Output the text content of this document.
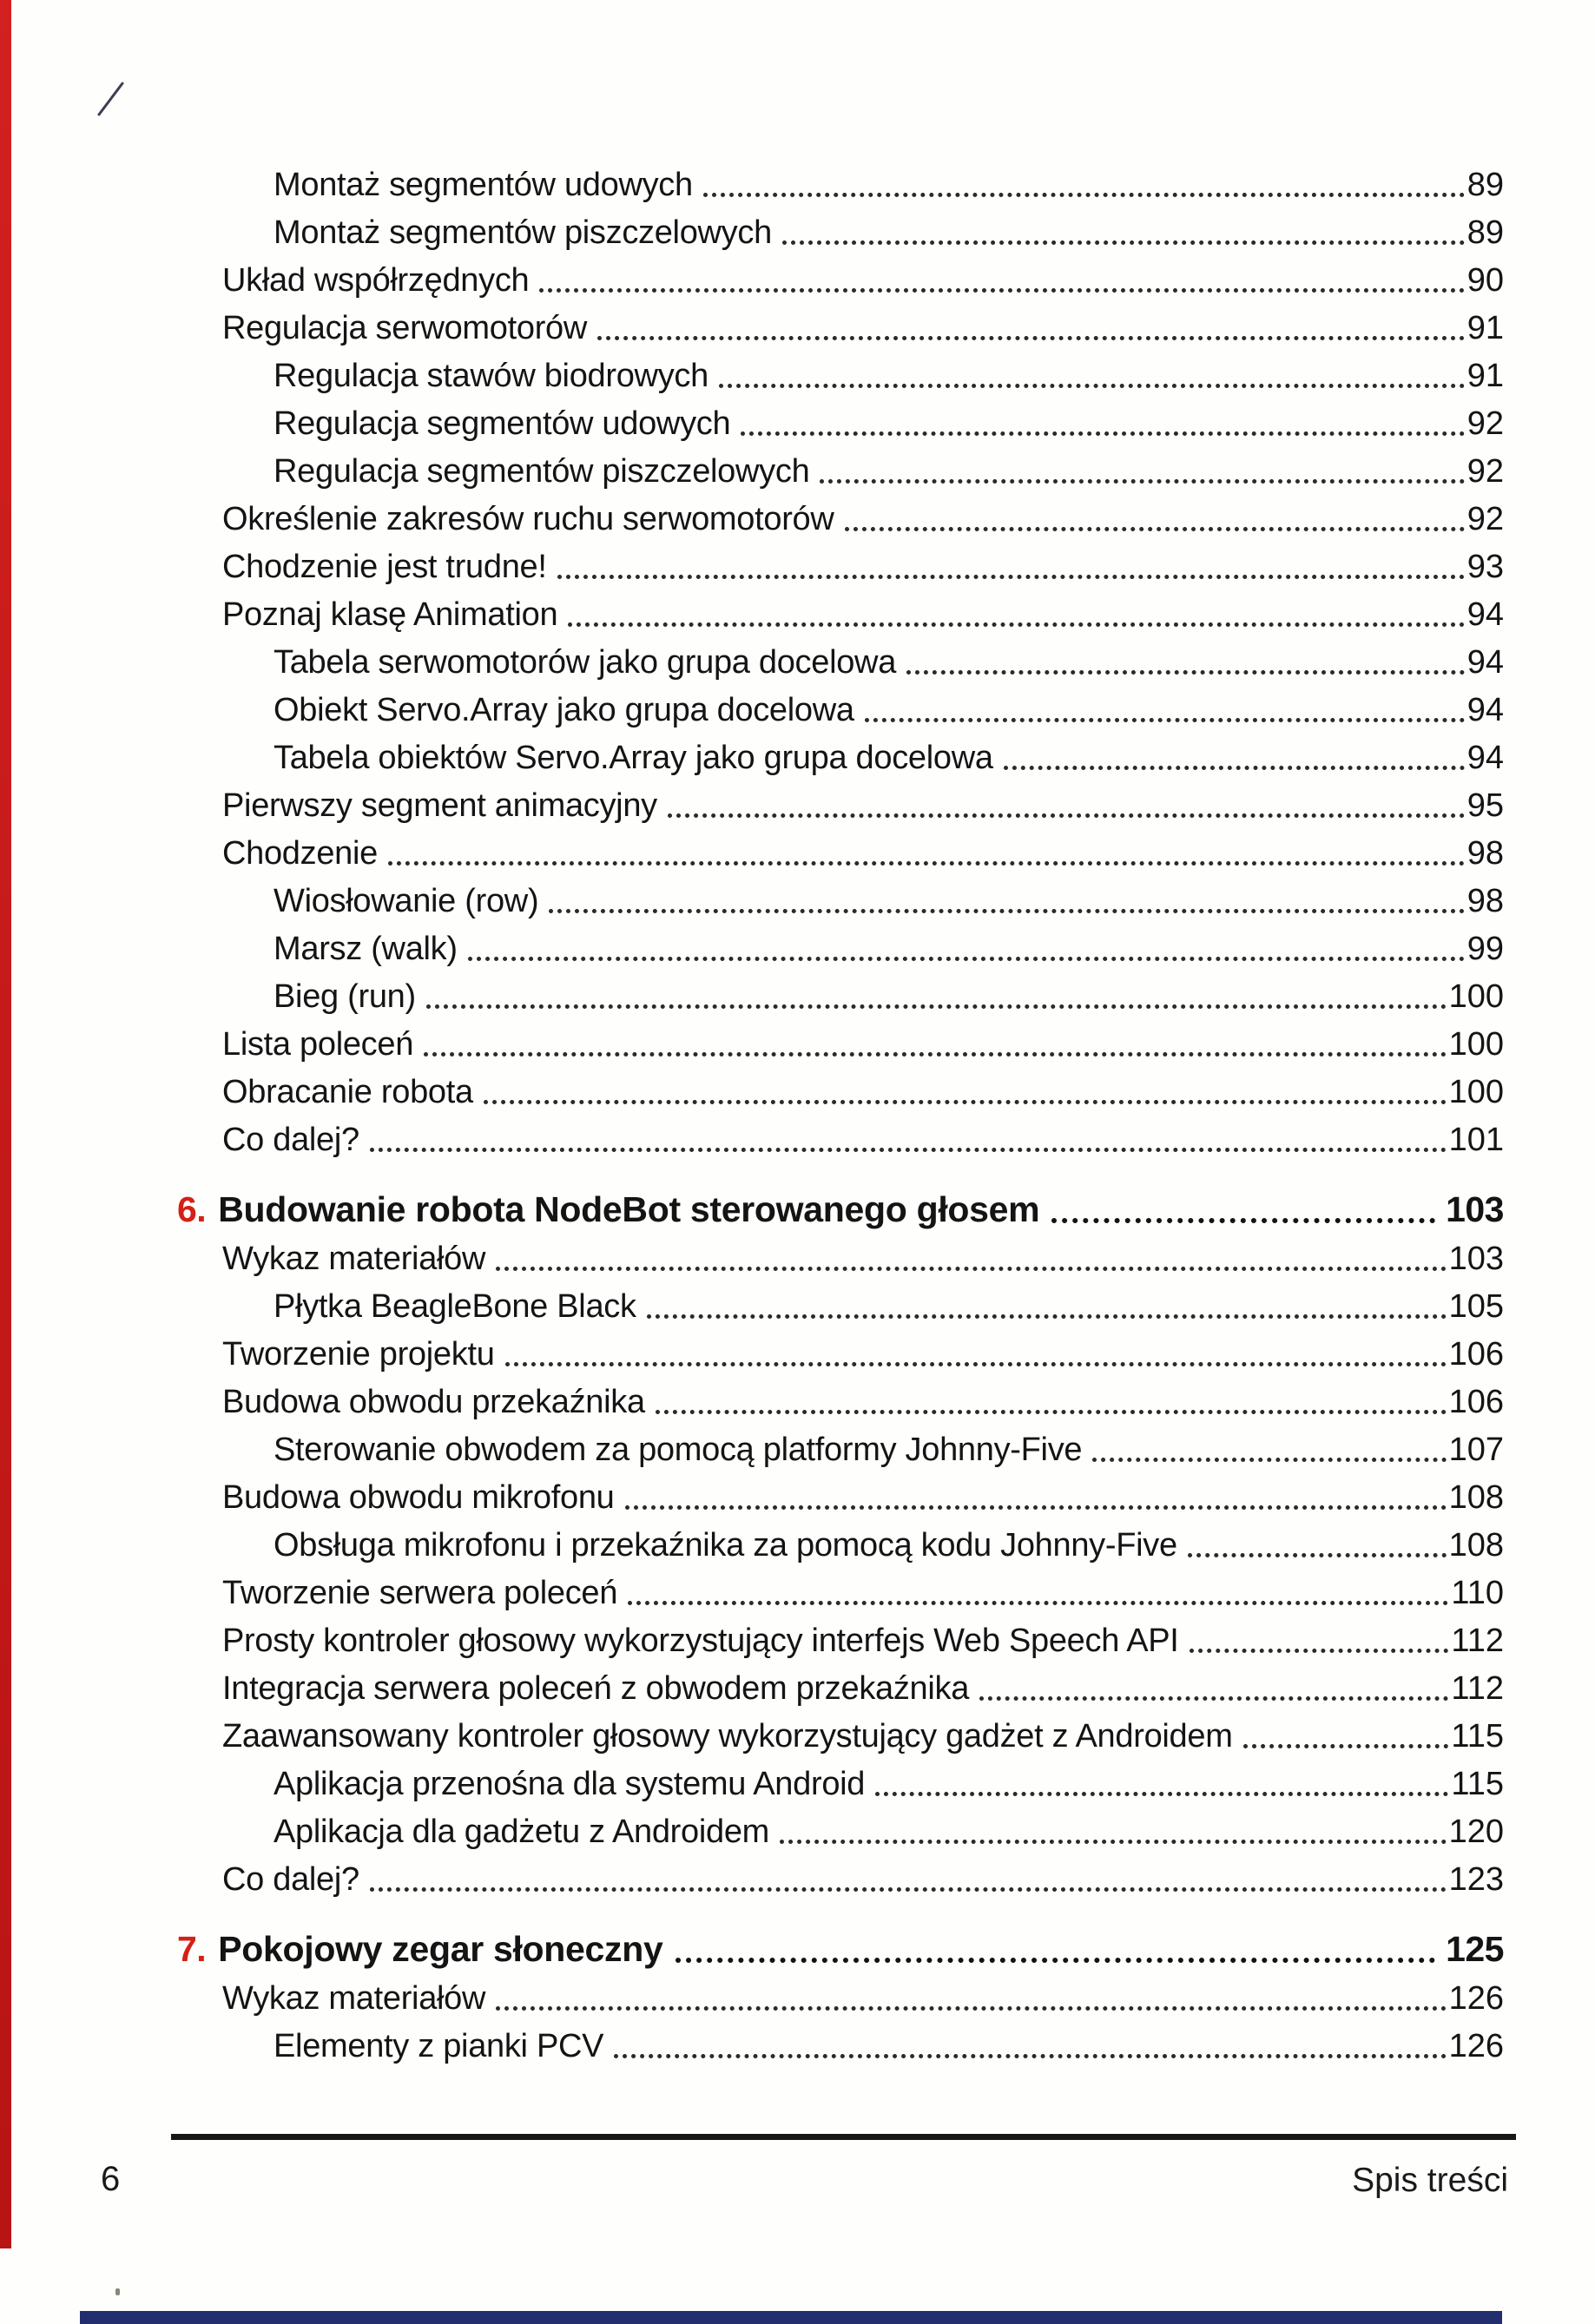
Montaż segmentów udowych	89
Montaż segmentów piszczelowych	89
Układ współrzędnych	90
Regulacja serwomotorów	91
Regulacja stawów biodrowych	91
Regulacja segmentów udowych	92
Regulacja segmentów piszczelowych	92
Określenie zakresów ruchu serwomotorów	92
Chodzenie jest trudne!	93
Poznaj klasę Animation	94
Tabela serwomotorów jako grupa docelowa	94
Obiekt Servo.Array jako grupa docelowa	94
Tabela obiektów Servo.Array jako grupa docelowa	94
Pierwszy segment animacyjny	95
Chodzenie	98
Wiosłowanie (row)	98
Marsz (walk)	99
Bieg (run)	100
Lista poleceń	100
Obracanie robota	100
Co dalej?	101
6. Budowanie robota NodeBot sterowanego głosem	103
Wykaz materiałów	103
Płytka BeagleBone Black	105
Tworzenie projektu	106
Budowa obwodu przekaźnika	106
Sterowanie obwodem za pomocą platformy Johnny-Five	107
Budowa obwodu mikrofonu	108
Obsługa mikrofonu i przekaźnika za pomocą kodu Johnny-Five	108
Tworzenie serwera poleceń	110
Prosty kontroler głosowy wykorzystujący interfejs Web Speech API	112
Integracja serwera poleceń z obwodem przekaźnika	112
Zaawansowany kontroler głosowy wykorzystujący gadżet z Androidem	115
Aplikacja przenośna dla systemu Android	115
Aplikacja dla gadżetu z Androidem	120
Co dalej?	123
7. Pokojowy zegar słoneczny	125
Wykaz materiałów	126
Elementy z pianki PCV	126
6	Spis treści
